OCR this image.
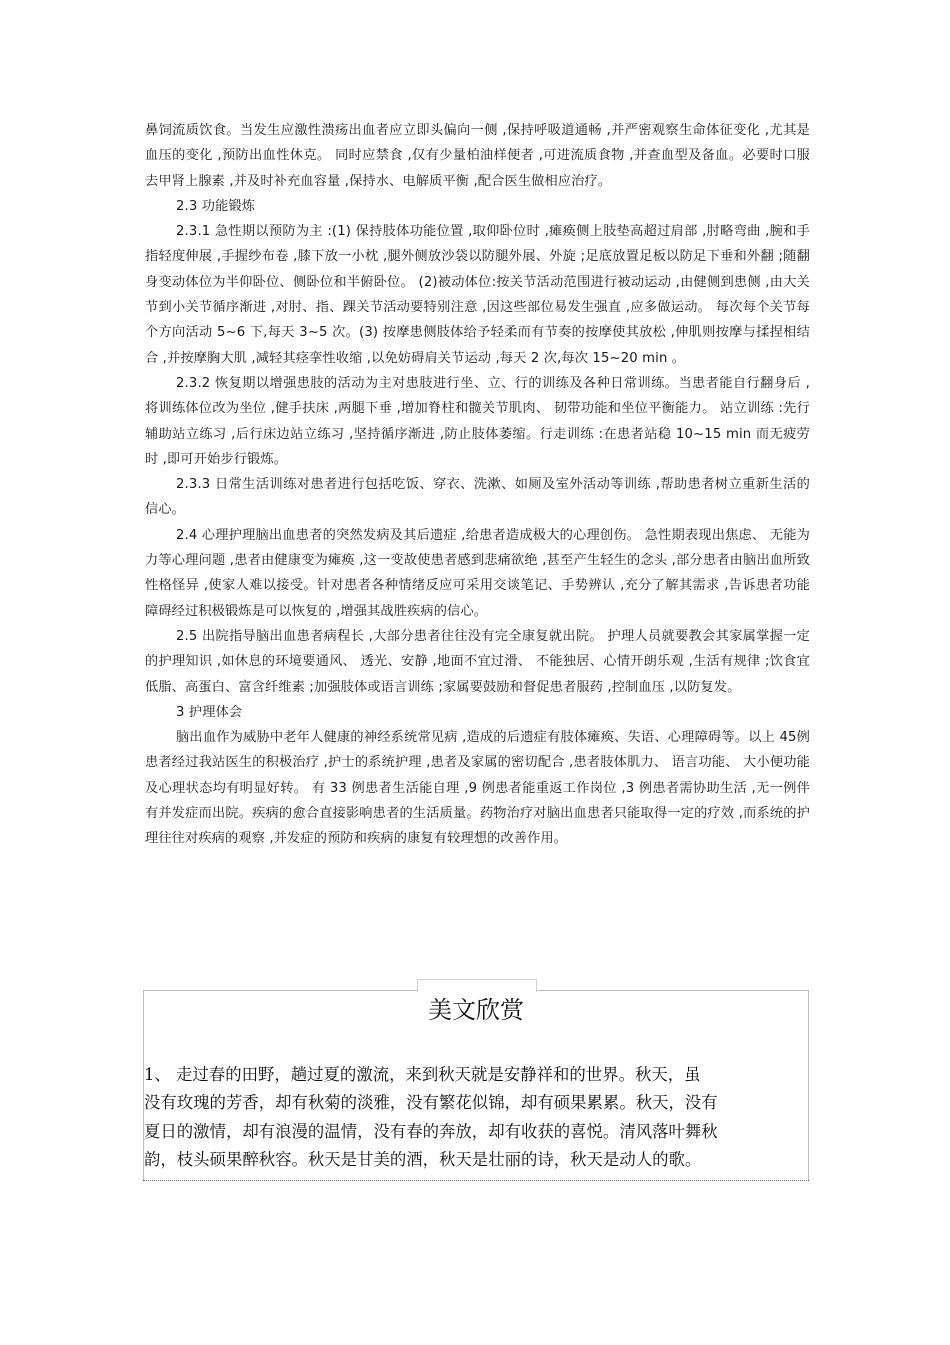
鼻饲流质饮食。当发生应激性溃疡出血者应立即头偏向一侧 ,保持呼吸道通畅 ,并严密观察生命体征变化 ,尤其是血压的变化 ,预防出血性休克。 同时应禁食 ,仅有少量柏油样便者 ,可进流质食物 ,并查血型及备血。必要时口服去甲肾上腺素 ,并及时补充血容量 ,保持水、电解质平衡 ,配合医生做相应治疗。

2.3 功能锻炼

2.3.1 急性期以预防为主 :(1) 保持肢体功能位置 ,取仰卧位时 ,瘫痪侧上肢垫高超过肩部 ,肘略弯曲 ,腕和手指轻度伸展 ,手握纱布卷 ,膝下放一小枕 ,腿外侧放沙袋以防腿外展、外旋 ;足底放置足板以防足下垂和外翻 ;随翻身变动体位为半仰卧位、侧卧位和半俯卧位。 (2)被动体位:按关节活动范围进行被动运动 ,由健侧到患侧 ,由大关节到小关节循序渐进 ,对肘、指、踝关节活动要特别注意 ,因这些部位易发生强直 ,应多做运动。 每次每个关节每个方向活动 5~6 下,每天 3~5 次。(3) 按摩患侧肢体给予轻柔而有节奏的按摩使其放松 ,伸肌则按摩与揉捏相结合 ,并按摩胸大肌 ,减轻其痉挛性收缩 ,以免妨碍肩关节运动 ,每天 2 次,每次 15~20 min 。

2.3.2 恢复期以增强患肢的活动为主对患肢进行坐、立、行的训练及各种日常训练。当患者能自行翻身后 ,将训练体位改为坐位 ,健手扶床 ,两腿下垂 ,增加脊柱和髋关节肌肉、 韧带功能和坐位平衡能力。 站立训练 :先行辅助站立练习 ,后行床边站立练习 ,坚持循序渐进 ,防止肢体萎缩。行走训练 :在患者站稳 10~15 min 而无疲劳时 ,即可开始步行锻炼。

2.3.3 日常生活训练对患者进行包括吃饭、穿衣、洗漱、如厕及室外活动等训练 ,帮助患者树立重新生活的信心。

2.4 心理护理脑出血患者的突然发病及其后遗症 ,给患者造成极大的心理创伤。 急性期表现出焦虑、 无能为力等心理问题 ,患者由健康变为瘫痪 ,这一变故使患者感到悲痛欲绝 ,甚至产生轻生的念头 ,部分患者由脑出血所致性格怪异 ,使家人难以接受。针对患者各种情绪反应可采用交谈笔记、手势辨认 ,充分了解其需求 ,告诉患者功能障碍经过积极锻炼是可以恢复的 ,增强其战胜疾病的信心。

2.5 出院指导脑出血患者病程长 ,大部分患者往往没有完全康复就出院。 护理人员就要教会其家属掌握一定的护理知识 ,如休息的环境要通风、 透光、安静 ,地面不宜过滑、 不能独居、心情开朗乐观 ,生活有规律 ;饮食宜低脂、高蛋白、富含纤维素 ;加强肢体或语言训练 ;家属要鼓励和督促患者服药 ,控制血压 ,以防复发。

3 护理体会

脑出血作为威胁中老年人健康的神经系统常见病 ,造成的后遗症有肢体瘫痪、失语、心理障碍等。以上 45例患者经过我站医生的积极治疗 ,护士的系统护理 ,患者及家属的密切配合 ,患者肢体肌力、 语言功能、 大小便功能及心理状态均有明显好转。 有 33 例患者生活能自理 ,9 例患者能重返工作岗位 ,3 例患者需协助生活 ,无一例伴有并发症而出院。疾病的愈合直接影响患者的生活质量。药物治疗对脑出血患者只能取得一定的疗效 ,而系统的护理往往对疾病的观察 ,并发症的预防和疾病的康复有较理想的改善作用。

美文欣赏

1、 走过春的田野，趟过夏的激流，来到秋天就是安静祥和的世界。秋天，虽

没有玫瑰的芳香，却有秋菊的淡雅，没有繁花似锦，却有硕果累累。秋天，没有

夏日的激情，却有浪漫的温情，没有春的奔放，却有收获的喜悦。清风落叶舞秋

韵，枝头硕果醉秋容。秋天是甘美的酒，秋天是壮丽的诗，秋天是动人的歌。
